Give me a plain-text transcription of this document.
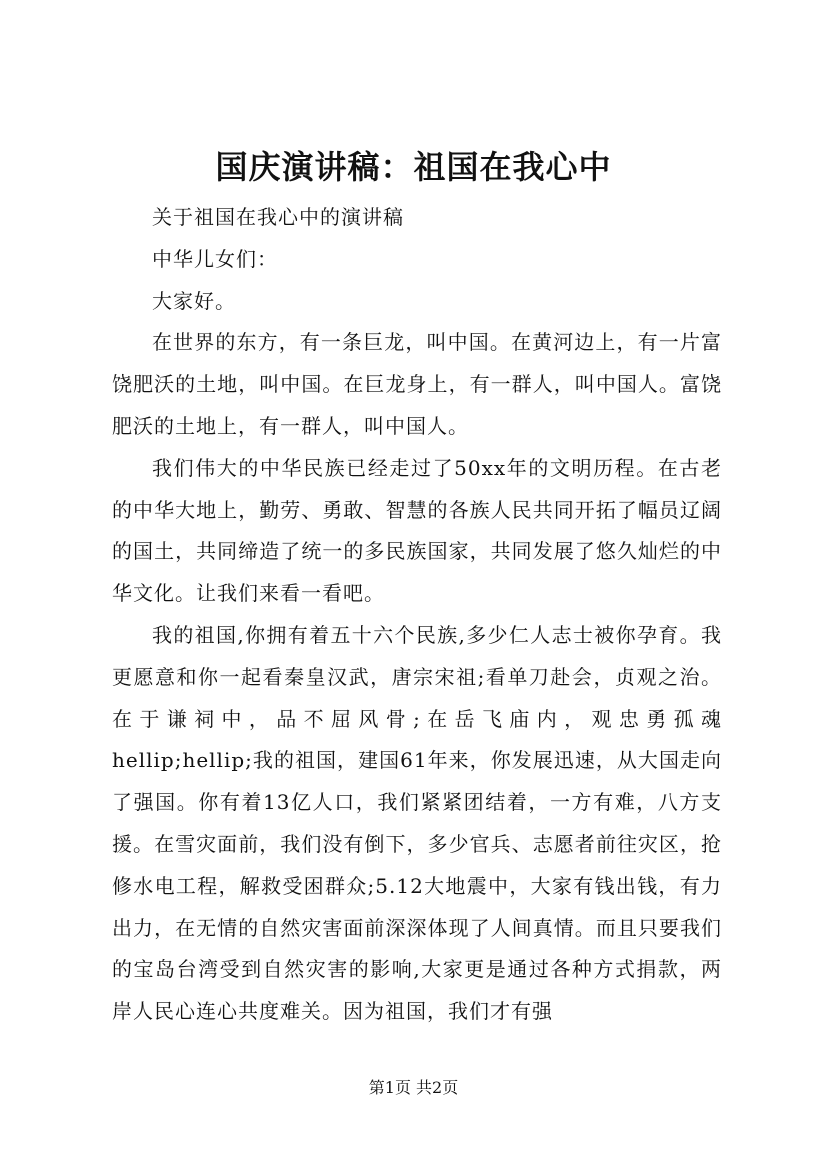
国庆演讲稿：祖国在我心中

关于祖国在我心中的演讲稿

中华儿女们：

大家好。

在世界的东方，有一条巨龙，叫中国。在黄河边上，有一片富饶肥沃的土地，叫中国。在巨龙身上，有一群人，叫中国人。富饶肥沃的土地上，有一群人，叫中国人。

我们伟大的中华民族已经走过了50xx年的文明历程。在古老的中华大地上，勤劳、勇敢、智慧的各族人民共同开拓了幅员辽阔的国土，共同缔造了统一的多民族国家，共同发展了悠久灿烂的中华文化。让我们来看一看吧。

我的祖国,你拥有着五十六个民族,多少仁人志士被你孕育。我更愿意和你一起看秦皇汉武，唐宗宋祖;看单刀赴会，贞观之治。在于谦祠中，品不屈风骨;在岳飞庙内，观忠勇孤魂hellip;hellip;我的祖国，建国61年来，你发展迅速，从大国走向了强国。你有着13亿人口，我们紧紧团结着，一方有难，八方支援。在雪灾面前，我们没有倒下，多少官兵、志愿者前往灾区，抢修水电工程，解救受困群众;5.12大地震中，大家有钱出钱，有力出力，在无情的自然灾害面前深深体现了人间真情。而且只要我们的宝岛台湾受到自然灾害的影响,大家更是通过各种方式捐款，两岸人民心连心共度难关。因为祖国，我们才有强

第1页 共2页
